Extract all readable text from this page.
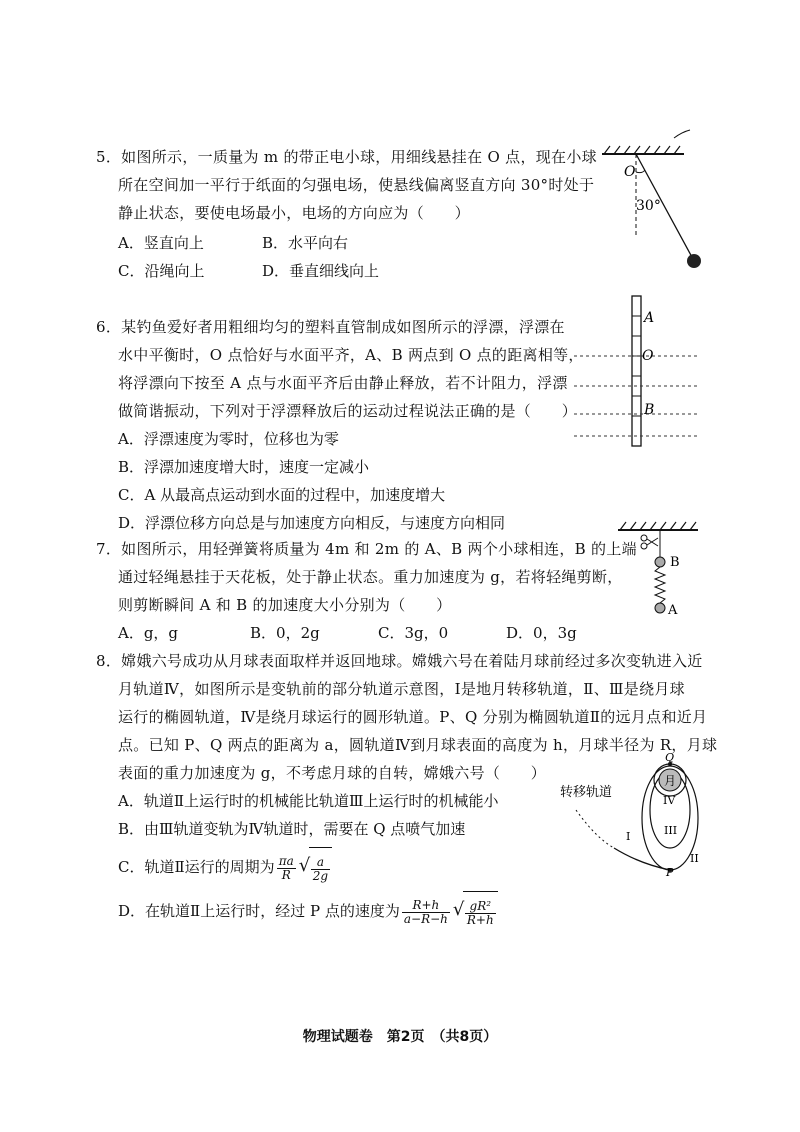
5．如图所示，一质量为 m 的带正电小球，用细线悬挂在 O 点，现在小球
所在空间加一平行于纸面的匀强电场，使悬线偏离竖直方向 30°时处于
静止状态，要使电场最小，电场的方向应为（　　）
A．竖直向上	B．水平向右
C．沿绳向上	D．垂直细线向上
O
30°
6．某钓鱼爱好者用粗细均匀的塑料直管制成如图所示的浮漂，浮漂在
水中平衡时，O 点恰好与水面平齐，A、B 两点到 O 点的距离相等，
将浮漂向下按至 A 点与水面平齐后由静止释放，若不计阻力，浮漂
做简谐振动，下列对于浮漂释放后的运动过程说法正确的是（　　）
A．浮漂速度为零时，位移也为零
B．浮漂加速度增大时，速度一定减小
C．A 从最高点运动到水面的过程中，加速度增大
D．浮漂位移方向总是与加速度方向相反，与速度方向相同
A
O
B
7．如图所示，用轻弹簧将质量为 4m 和 2m 的 A、B 两个小球相连，B 的上端
通过轻绳悬挂于天花板，处于静止状态。重力加速度为 g，若将轻绳剪断，
则剪断瞬间 A 和 B 的加速度大小分别为（　　）
A．g，g	B．0，2g	C．3g，0	D．0，3g
B
A
8．嫦娥六号成功从月球表面取样并返回地球。嫦娥六号在着陆月球前经过多次变轨进入近
月轨道Ⅳ，如图所示是变轨前的部分轨道示意图，Ⅰ是地月转移轨道，Ⅱ、Ⅲ是绕月球
运行的椭圆轨道，Ⅳ是绕月球运行的圆形轨道。P、Q 分别为椭圆轨道Ⅱ的远月点和近月
点。已知 P、Q 两点的距离为 a，圆轨道Ⅳ到月球表面的高度为 h，月球半径为 R，月球
表面的重力加速度为 g，不考虑月球的自转，嫦娥六号（　　）
A．轨道Ⅱ上运行时的机械能比轨道Ⅲ上运行时的机械能小
B．由Ⅲ轨道变轨为Ⅳ轨道时，需要在 Q 点喷气加速
C．轨道Ⅱ运行的周期为 $\frac{\pi a}{R}$ √ $\frac{a}{2g}$
D．在轨道Ⅱ上运行时，经过 P 点的速度为 $\frac{R+h}{a-R-h}$ √ $\frac{\text{gR²}}{R+h}$
转移轨道
月
Q
P
I
II
III
IV
物理试题卷　第2页　（共8页）
